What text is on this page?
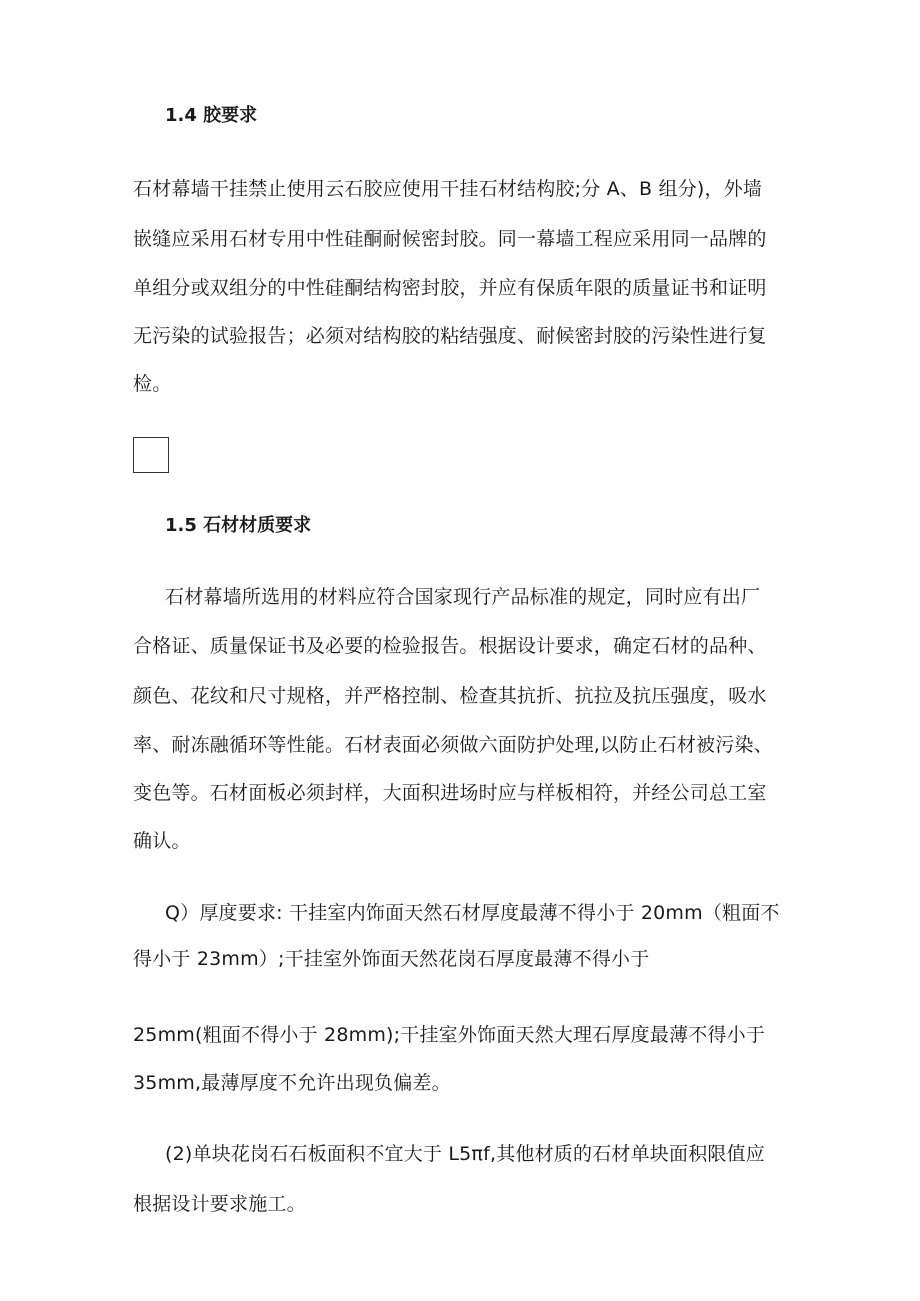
1.4 胶要求
石材幕墙干挂禁止使用云石胶应使用干挂石材结构胶;分 A、B 组分)，外墙
嵌缝应采用石材专用中性硅酮耐候密封胶。同一幕墙工程应采用同一品牌的
单组分或双组分的中性硅酮结构密封胶，并应有保质年限的质量证书和证明
无污染的试验报告；必须对结构胶的粘结强度、耐候密封胶的污染性进行复
检。
1.5 石材材质要求
石材幕墙所选用的材料应符合国家现行产品标准的规定，同时应有出厂
合格证、质量保证书及必要的检验报告。根据设计要求，确定石材的品种、
颜色、花纹和尺寸规格，并严格控制、检查其抗折、抗拉及抗压强度，吸水
率、耐冻融循环等性能。石材表面必须做六面防护处理,以防止石材被污染、
变色等。石材面板必须封样，大面积进场时应与样板相符，并经公司总工室
确认。
Q）厚度要求: 干挂室内饰面天然石材厚度最薄不得小于 20mm（粗面不
得小于 23mm）;干挂室外饰面天然花岗石厚度最薄不得小于
25mm(粗面不得小于 28mm);干挂室外饰面天然大理石厚度最薄不得小于
35mm,最薄厚度不允许出现负偏差。
(2)单块花岗石石板面积不宜大于 L5πf,其他材质的石材单块面积限值应
根据设计要求施工。
